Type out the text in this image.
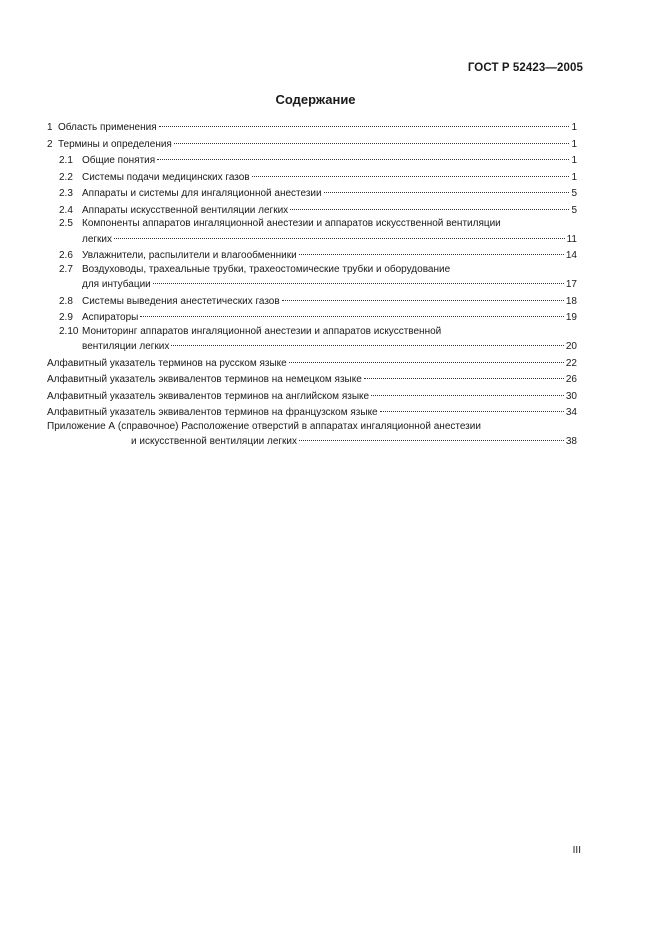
ГОСТ Р 52423—2005
Содержание
1 Область применения	1
2 Термины и определения	1
2.1 Общие понятия	1
2.2 Системы подачи медицинских газов	1
2.3 Аппараты и системы для ингаляционной анестезии	5
2.4 Аппараты искусственной вентиляции легких	5
2.5 Компоненты аппаратов ингаляционной анестезии и аппаратов искусственной вентиляции
легких	11
2.6 Увлажнители, распылители и влагообменники	14
2.7 Воздуховоды, трахеальные трубки, трахеостомические трубки и оборудование
для интубации	17
2.8 Системы выведения анестетических газов	18
2.9 Аспираторы	19
2.10 Мониторинг аппаратов ингаляционной анестезии и аппаратов искусственной
вентиляции легких	20
Алфавитный указатель терминов на русском языке	22
Алфавитный указатель эквивалентов терминов на немецком языке	26
Алфавитный указатель эквивалентов терминов на английском языке	30
Алфавитный указатель эквивалентов терминов на французском языке	34
Приложение А (справочное) Расположение отверстий в аппаратах ингаляционной анестезии
и искусственной вентиляции легких	38
III
